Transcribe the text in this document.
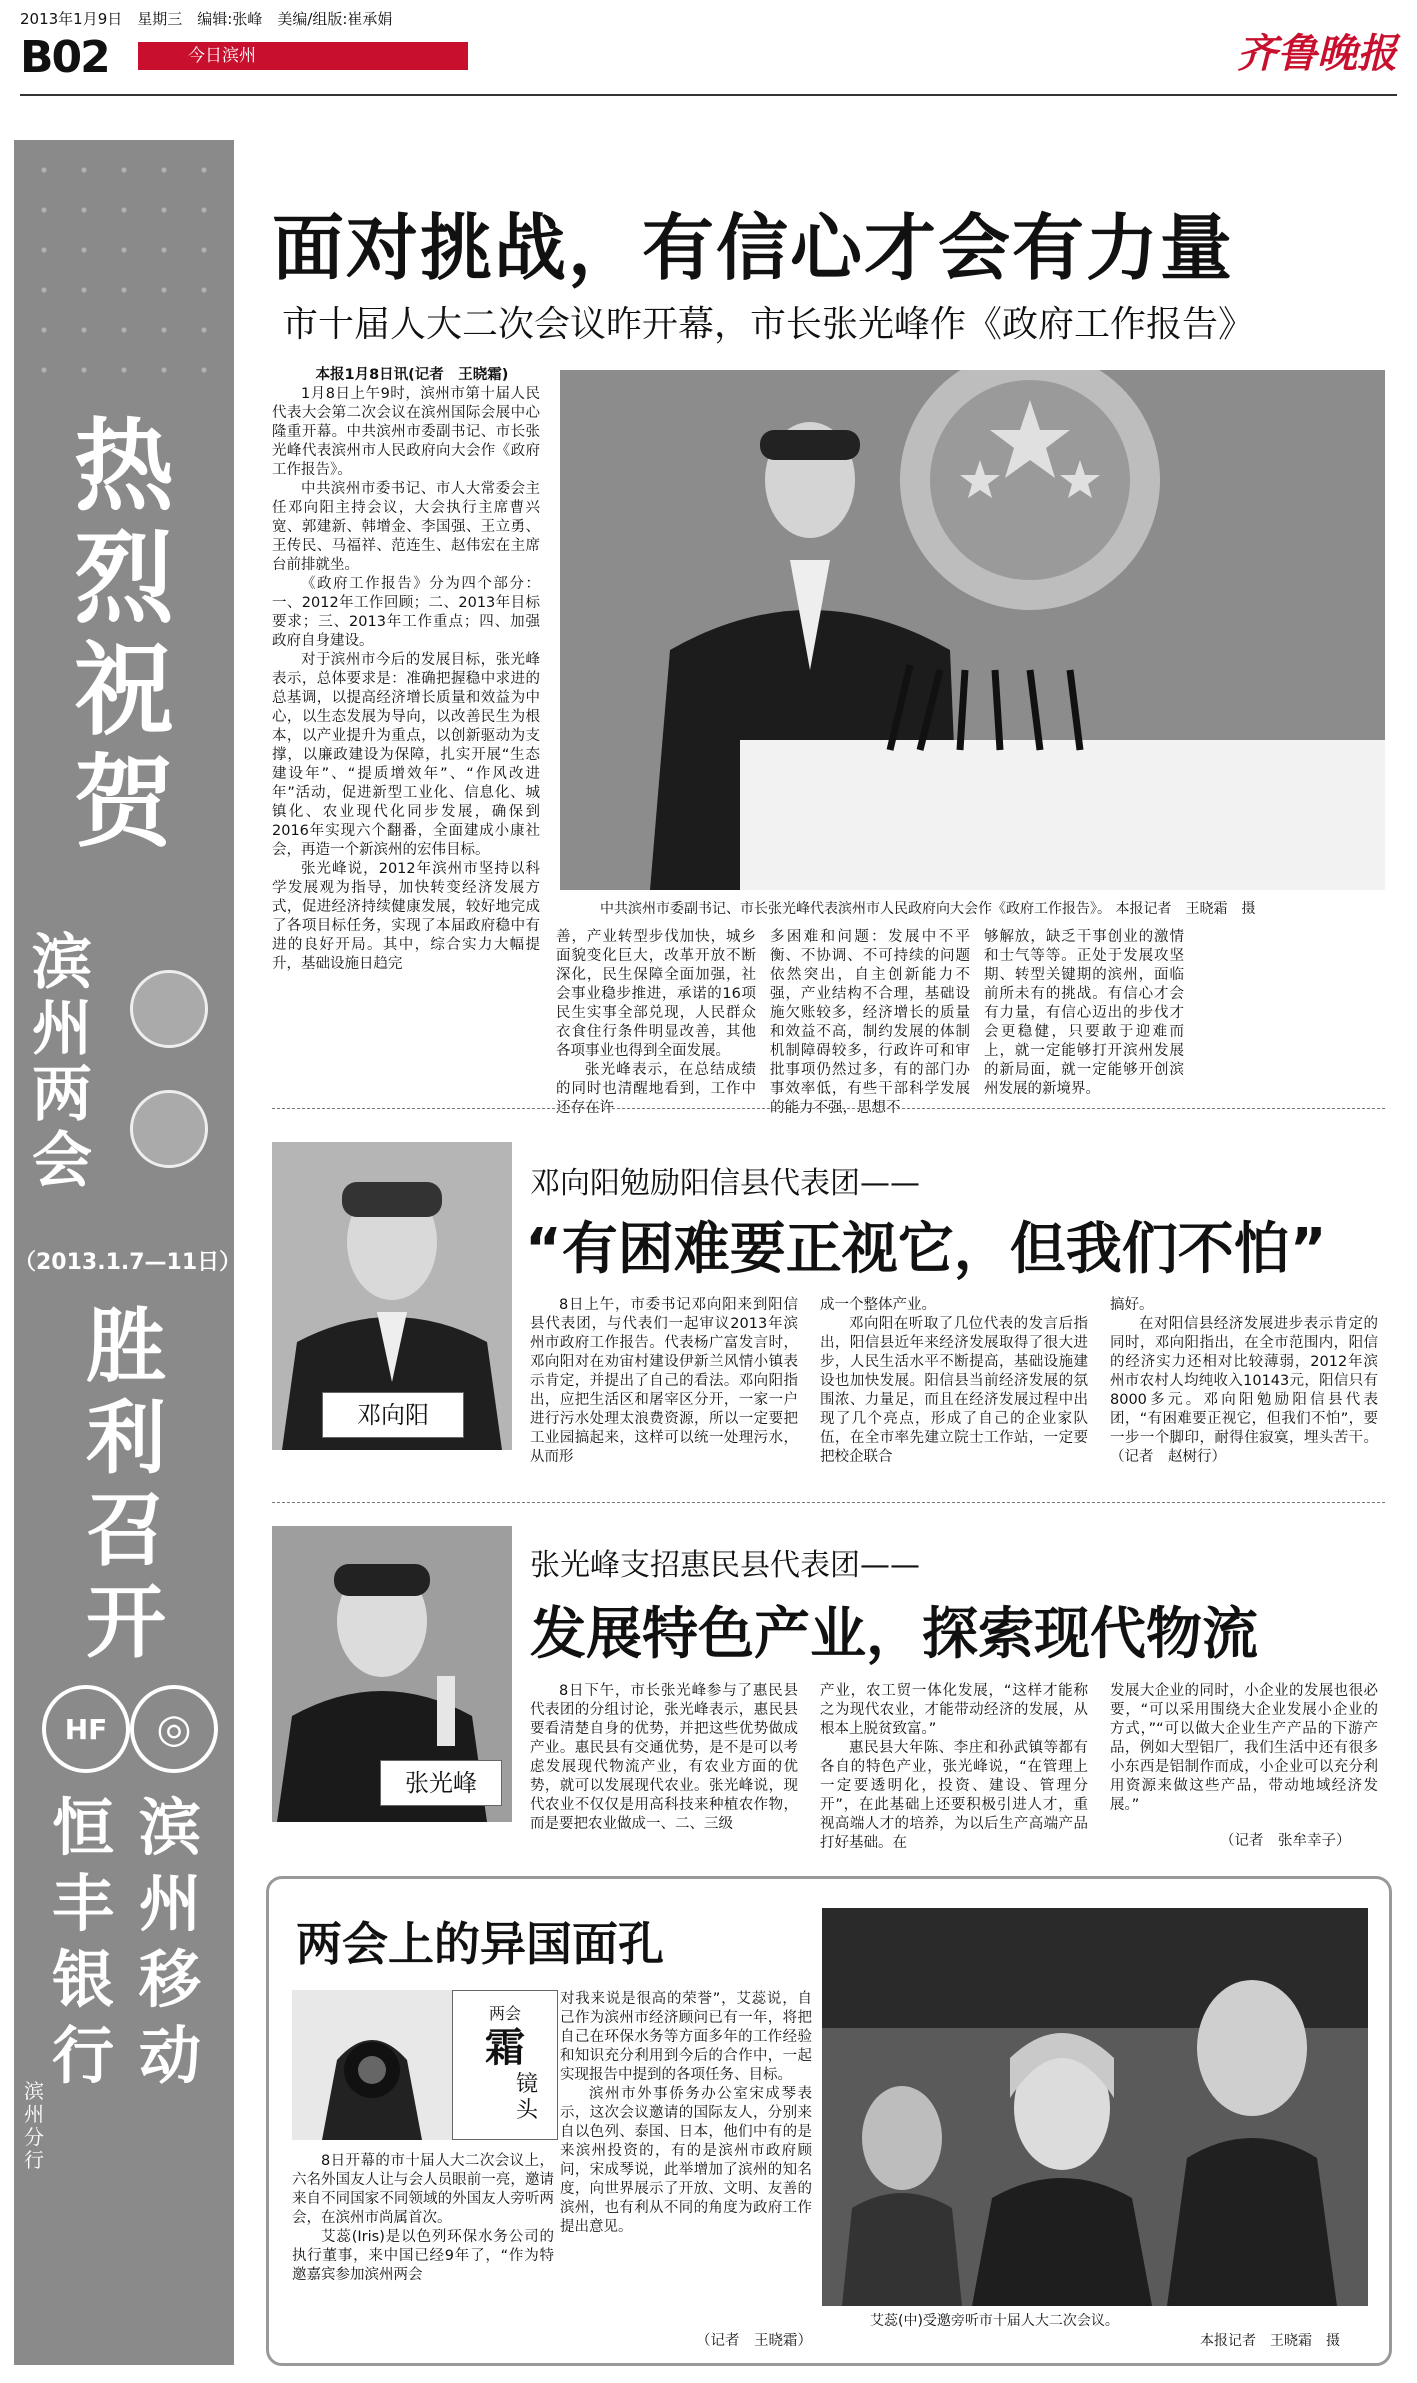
2013年1月9日　星期三　编辑:张峰　美编/组版:崔承娟
B02	今日滨州	齐鲁晚报
热
烈
祝
贺
滨
州
两
会
（2013.1.7—11日）
胜
利
召
开
HF	◎
恒
丰
银
行
滨
州
移
动
滨
州
分
行
面对挑战，有信心才会有力量
市十届人大二次会议昨开幕，市长张光峰作《政府工作报告》

本报1月8日讯(记者　王晓霜)

1月8日上午9时，滨州市第十届人民代表大会第二次会议在滨州国际会展中心隆重开幕。中共滨州市委副书记、市长张光峰代表滨州市人民政府向大会作《政府工作报告》。

中共滨州市委书记、市人大常委会主任邓向阳主持会议，大会执行主席曹兴宽、郭建新、韩增金、李国强、王立勇、王传民、马福祥、范连生、赵伟宏在主席台前排就坐。

《政府工作报告》分为四个部分：一、2012年工作回顾；二、2013年目标要求；三、2013年工作重点；四、加强政府自身建设。

对于滨州市今后的发展目标，张光峰表示，总体要求是：准确把握稳中求进的总基调，以提高经济增长质量和效益为中心，以生态发展为导向，以改善民生为根本，以产业提升为重点，以创新驱动为支撑，以廉政建设为保障，扎实开展“生态建设年”、“提质增效年”、“作风改进年”活动，促进新型工业化、信息化、城镇化、农业现代化同步发展，确保到2016年实现六个翻番，全面建成小康社会，再造一个新滨州的宏伟目标。

张光峰说，2012年滨州市坚持以科学发展观为指导，加快转变经济发展方式，促进经济持续健康发展，较好地完成了各项目标任务，实现了本届政府稳中有进的良好开局。其中，综合实力大幅提升，基础设施日趋完

中共滨州市委副书记、市长张光峰代表滨州市人民政府向大会作《政府工作报告》。 本报记者　王晓霜　摄

善，产业转型步伐加快，城乡面貌变化巨大，改革开放不断深化，民生保障全面加强，社会事业稳步推进，承诺的16项民生实事全部兑现，人民群众衣食住行条件明显改善，其他各项事业也得到全面发展。

张光峰表示，在总结成绩的同时也清醒地看到，工作中还存在许

多困难和问题：发展中不平衡、不协调、不可持续的问题依然突出，自主创新能力不强，产业结构不合理，基础设施欠账较多，经济增长的质量和效益不高，制约发展的体制机制障碍较多，行政许可和审批事项仍然过多，有的部门办事效率低，有些干部科学发展的能力不强，思想不

够解放，缺乏干事创业的激情和士气等等。正处于发展攻坚期、转型关键期的滨州，面临前所未有的挑战。有信心才会有力量，有信心迈出的步伐才会更稳健，只要敢于迎难而上，就一定能够打开滨州发展的新局面，就一定能够开创滨州发展的新境界。

邓向阳
邓向阳勉励阳信县代表团——
“有困难要正视它，但我们不怕”

8日上午，市委书记邓向阳来到阳信县代表团，与代表们一起审议2013年滨州市政府工作报告。代表杨广富发言时，邓向阳对在劝宙村建设伊新兰风情小镇表示肯定，并提出了自己的看法。邓向阳指出，应把生活区和屠宰区分开，一家一户进行污水处理太浪费资源，所以一定要把工业园搞起来，这样可以统一处理污水，从而形

成一个整体产业。

邓向阳在听取了几位代表的发言后指出，阳信县近年来经济发展取得了很大进步，人民生活水平不断提高，基础设施建设也加快发展。阳信县当前经济发展的氛围浓、力量足，而且在经济发展过程中出现了几个亮点，形成了自己的企业家队伍，在全市率先建立院士工作站，一定要把校企联合

搞好。

在对阳信县经济发展进步表示肯定的同时，邓向阳指出，在全市范围内，阳信的经济实力还相对比较薄弱，2012年滨州市农村人均纯收入10143元，阳信只有8000多元。邓向阳勉励阳信县代表团，“有困难要正视它，但我们不怕”，要一步一个脚印，耐得住寂寞，埋头苦干。（记者　赵树行）

张光峰
张光峰支招惠民县代表团——
发展特色产业，探索现代物流

8日下午，市长张光峰参与了惠民县代表团的分组讨论，张光峰表示，惠民县要看清楚自身的优势，并把这些优势做成产业。惠民县有交通优势，是不是可以考虑发展现代物流产业，有农业方面的优势，就可以发展现代农业。张光峰说，现代农业不仅仅是用高科技来种植农作物，而是要把农业做成一、二、三级

产业，农工贸一体化发展，“这样才能称之为现代农业，才能带动经济的发展，从根本上脱贫致富。”

惠民县大年陈、李庄和孙武镇等都有各自的特色产业，张光峰说，“在管理上一定要透明化，投资、建设、管理分开”，在此基础上还要积极引进人才，重视高端人才的培养，为以后生产高端产品打好基础。在

发展大企业的同时，小企业的发展也很必要，“可以采用围绕大企业发展小企业的方式，”“可以做大企业生产产品的下游产品，例如大型铝厂，我们生活中还有很多小东西是铝制作而成，小企业可以充分利用资源来做这些产品，带动地域经济发展。”

（记者　张牟幸子）
两会上的异国面孔
两会
霜
镜头

8日开幕的市十届人大二次会议上，六名外国友人让与会人员眼前一亮，邀请来自不同国家不同领域的外国友人旁听两会，在滨州市尚属首次。

艾蕊(Iris)是以色列环保水务公司的执行董事，来中国已经9年了，“作为特邀嘉宾参加滨州两会

对我来说是很高的荣誉”，艾蕊说，自己作为滨州市经济顾问已有一年，将把自己在环保水务等方面多年的工作经验和知识充分利用到今后的合作中，一起实现报告中提到的各项任务、目标。

滨州市外事侨务办公室宋成琴表示，这次会议邀请的国际友人，分别来自以色列、泰国、日本，他们中有的是来滨州投资的，有的是滨州市政府顾问，宋成琴说，此举增加了滨州的知名度，向世界展示了开放、文明、友善的滨州，也有利从不同的角度为政府工作提出意见。

（记者　王晓霜）
艾蕊(中)受邀旁听市十届人大二次会议。
本报记者　王晓霜　摄
